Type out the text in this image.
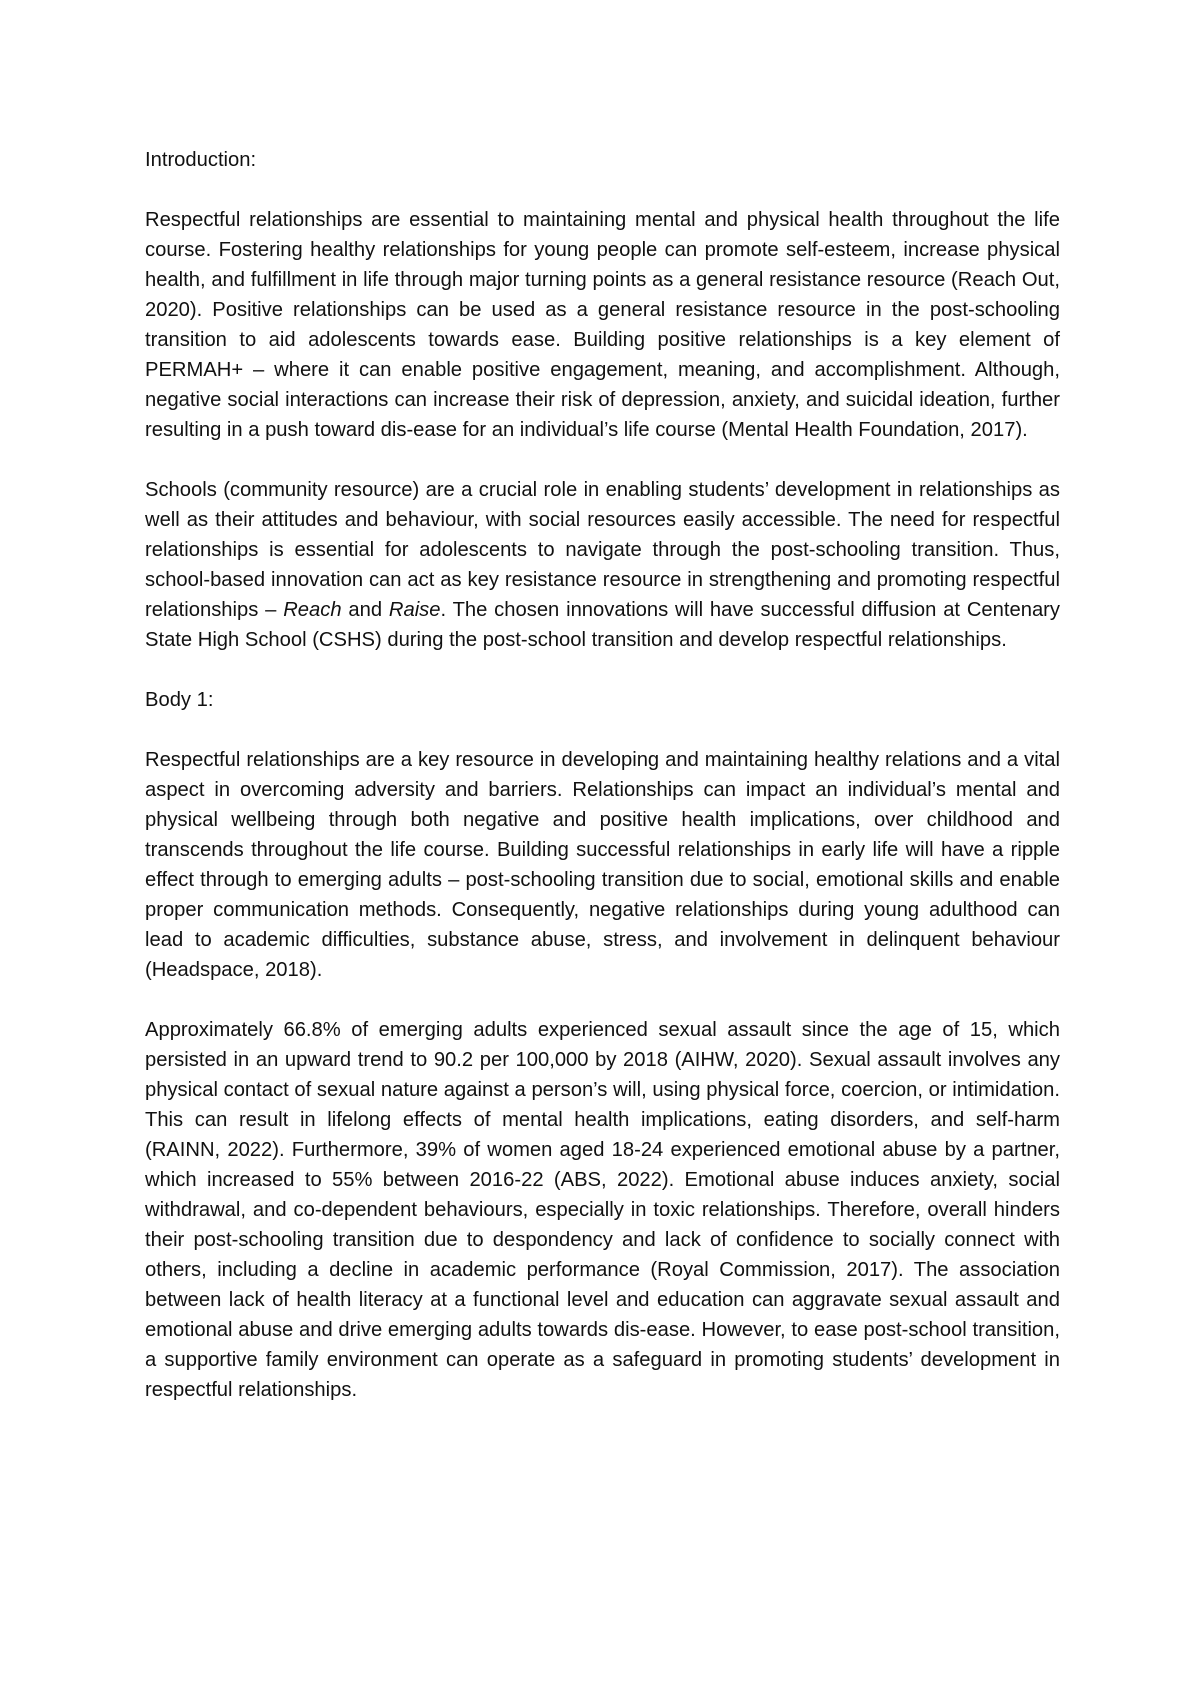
Introduction:

Respectful relationships are essential to maintaining mental and physical health throughout the life course. Fostering healthy relationships for young people can promote self-esteem, increase physical health, and fulfillment in life through major turning points as a general resistance resource (Reach Out, 2020). Positive relationships can be used as a general resistance resource in the post-schooling transition to aid adolescents towards ease. Building positive relationships is a key element of PERMAH+ – where it can enable positive engagement, meaning, and accomplishment. Although, negative social interactions can increase their risk of depression, anxiety, and suicidal ideation, further resulting in a push toward dis-ease for an individual’s life course (Mental Health Foundation, 2017).

Schools (community resource) are a crucial role in enabling students’ development in relationships as well as their attitudes and behaviour, with social resources easily accessible. The need for respectful relationships is essential for adolescents to navigate through the post-schooling transition. Thus, school-based innovation can act as key resistance resource in strengthening and promoting respectful relationships – Reach and Raise. The chosen innovations will have successful diffusion at Centenary State High School (CSHS) during the post-school transition and develop respectful relationships.

Body 1:

Respectful relationships are a key resource in developing and maintaining healthy relations and a vital aspect in overcoming adversity and barriers. Relationships can impact an individual’s mental and physical wellbeing through both negative and positive health implications, over childhood and transcends throughout the life course. Building successful relationships in early life will have a ripple effect through to emerging adults – post-schooling transition due to social, emotional skills and enable proper communication methods. Consequently, negative relationships during young adulthood can lead to academic difficulties, substance abuse, stress, and involvement in delinquent behaviour (Headspace, 2018).

Approximately 66.8% of emerging adults experienced sexual assault since the age of 15, which persisted in an upward trend to 90.2 per 100,000 by 2018 (AIHW, 2020). Sexual assault involves any physical contact of sexual nature against a person’s will, using physical force, coercion, or intimidation. This can result in lifelong effects of mental health implications, eating disorders, and self-harm (RAINN, 2022). Furthermore, 39% of women aged 18-24 experienced emotional abuse by a partner, which increased to 55% between 2016-22 (ABS, 2022). Emotional abuse induces anxiety, social withdrawal, and co-dependent behaviours, especially in toxic relationships. Therefore, overall hinders their post-schooling transition due to despondency and lack of confidence to socially connect with others, including a decline in academic performance (Royal Commission, 2017). The association between lack of health literacy at a functional level and education can aggravate sexual assault and emotional abuse and drive emerging adults towards dis-ease. However, to ease post-school transition, a supportive family environment can operate as a safeguard in promoting students’ development in respectful relationships.
